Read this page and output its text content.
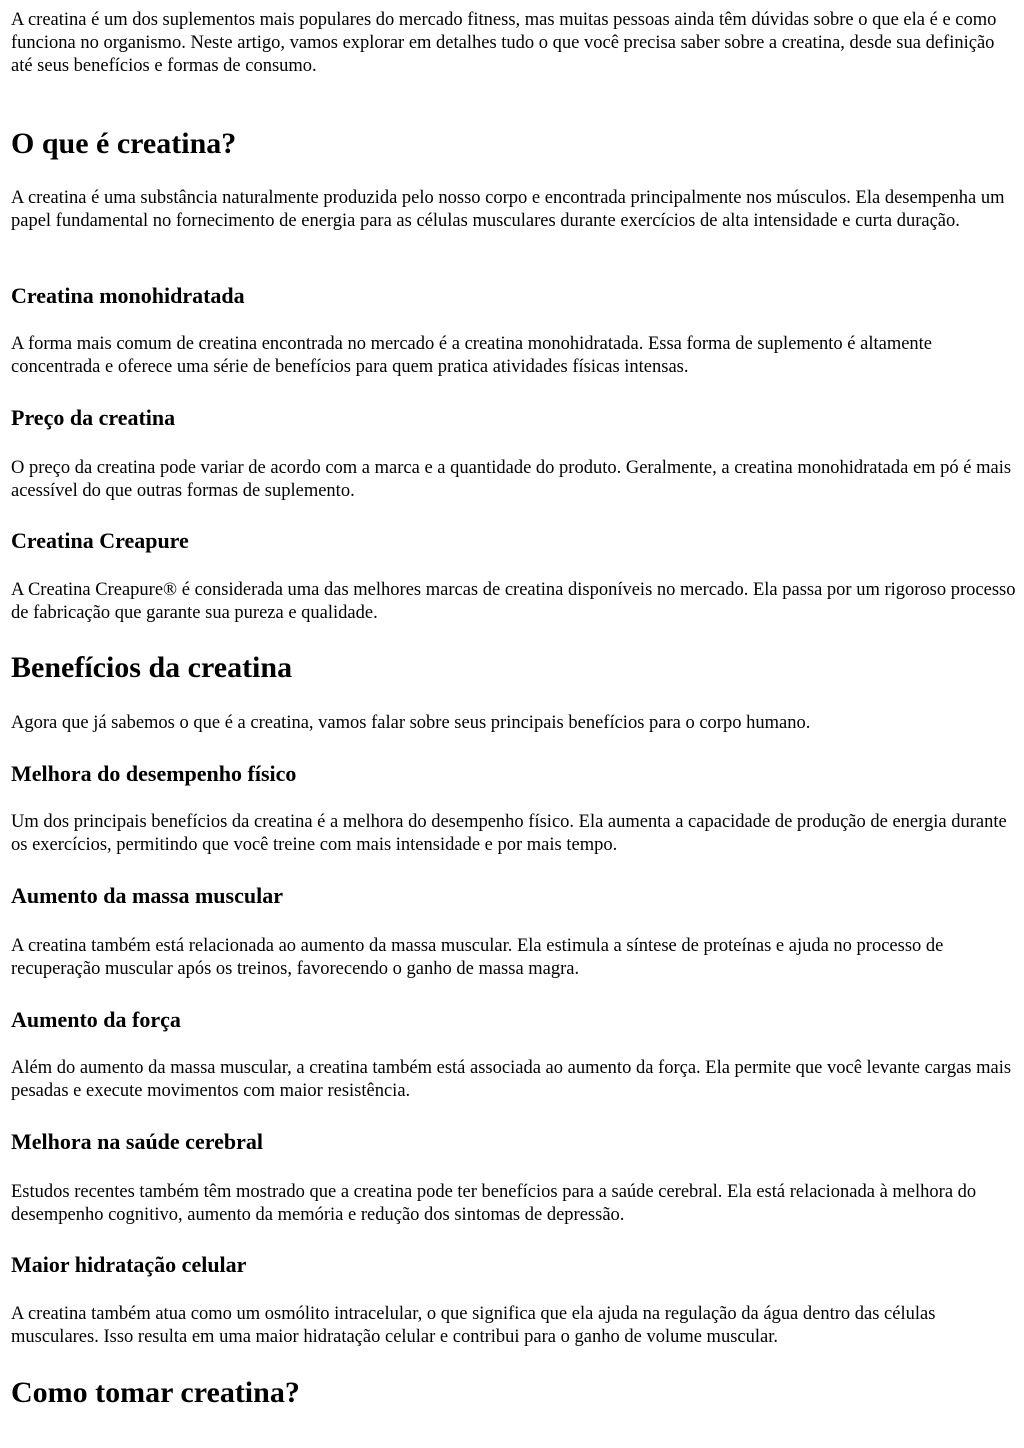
A creatina é um dos suplementos mais populares do mercado fitness, mas muitas pessoas ainda têm dúvidas sobre o que ela é e como funciona no organismo. Neste artigo, vamos explorar em detalhes tudo o que você precisa saber sobre a creatina, desde sua definição até seus benefícios e formas de consumo.

O que é creatina?

A creatina é uma substância naturalmente produzida pelo nosso corpo e encontrada principalmente nos músculos. Ela desempenha um papel fundamental no fornecimento de energia para as células musculares durante exercícios de alta intensidade e curta duração.

Creatina monohidratada

A forma mais comum de creatina encontrada no mercado é a creatina monohidratada. Essa forma de suplemento é altamente concentrada e oferece uma série de benefícios para quem pratica atividades físicas intensas.

Preço da creatina

O preço da creatina pode variar de acordo com a marca e a quantidade do produto. Geralmente, a creatina monohidratada em pó é mais acessível do que outras formas de suplemento.

Creatina Creapure

A Creatina Creapure® é considerada uma das melhores marcas de creatina disponíveis no mercado. Ela passa por um rigoroso processo de fabricação que garante sua pureza e qualidade.

Benefícios da creatina

Agora que já sabemos o que é a creatina, vamos falar sobre seus principais benefícios para o corpo humano.

Melhora do desempenho físico

Um dos principais benefícios da creatina é a melhora do desempenho físico. Ela aumenta a capacidade de produção de energia durante os exercícios, permitindo que você treine com mais intensidade e por mais tempo.

Aumento da massa muscular

A creatina também está relacionada ao aumento da massa muscular. Ela estimula a síntese de proteínas e ajuda no processo de recuperação muscular após os treinos, favorecendo o ganho de massa magra.

Aumento da força

Além do aumento da massa muscular, a creatina também está associada ao aumento da força. Ela permite que você levante cargas mais pesadas e execute movimentos com maior resistência.

Melhora na saúde cerebral

Estudos recentes também têm mostrado que a creatina pode ter benefícios para a saúde cerebral. Ela está relacionada à melhora do desempenho cognitivo, aumento da memória e redução dos sintomas de depressão.

Maior hidratação celular

A creatina também atua como um osmólito intracelular, o que significa que ela ajuda na regulação da água dentro das células musculares. Isso resulta em uma maior hidratação celular e contribui para o ganho de volume muscular.

Como tomar creatina?
